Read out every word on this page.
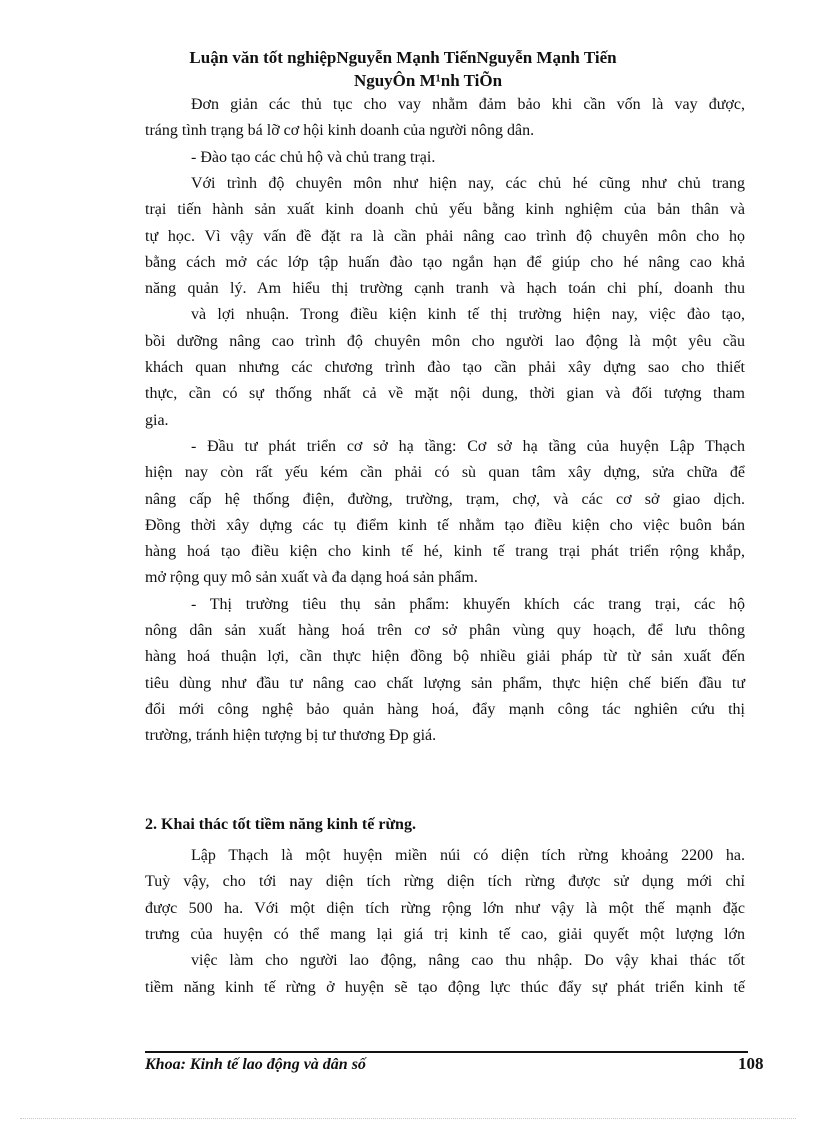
Luận văn tốt nghiệpNguyễn Mạnh TiếnNguyễn Mạnh Tiến
NguyÔn M¹nh TiÕn
Đơn giản các thủ tục cho vay nhằm đảm bảo khi cần vốn là vay được,
tráng tình trạng bá lỡ cơ hội kinh doanh của người nông dân.
- Đào tạo các chủ hộ và chủ trang trại.
Với trình độ chuyên môn như hiện nay, các chủ hé cũng như chủ trang
trại tiến hành sản xuất kinh doanh chủ yếu bằng kinh nghiệm của bản thân và
tự học. Vì vậy vấn đề đặt ra là cần phải nâng cao trình độ chuyên môn cho họ
bằng cách mở các lớp tập huấn đào tạo ngắn hạn để giúp cho hé nâng cao khả
năng quản lý. Am hiểu thị trường cạnh tranh và hạch toán chi phí, doanh thu
và lợi nhuận. Trong điều kiện kinh tế thị trường hiện nay, việc đào tạo,
bồi dưỡng nâng cao trình độ chuyên môn cho người lao động là một yêu cầu
khách quan nhưng các chương trình đào tạo cần phải xây dựng sao cho thiết
thực, cần có sự thống nhất cả về mặt nội dung, thời gian và đối tượng tham
gia.
- Đầu tư phát triển cơ sở hạ tầng: Cơ sở hạ tầng của huyện Lập Thạch
hiện nay còn rất yếu kém cần phải có sù quan tâm xây dựng, sửa chữa để
nâng cấp hệ thống điện, đường, trường, trạm, chợ, và các cơ sở giao dịch.
Đồng thời xây dựng các tụ điểm kinh tế nhằm tạo điều kiện cho việc buôn bán
hàng hoá tạo điều kiện cho kinh tế hé, kinh tế trang trại phát triển rộng khắp,
mở rộng quy mô sản xuất và đa dạng hoá sản phẩm.
- Thị trường tiêu thụ sản phẩm: khuyến khích các trang trại, các hộ
nông dân sản xuất hàng hoá trên cơ sở phân vùng quy hoạch, để lưu thông
hàng hoá thuận lợi, cần thực hiện đồng bộ nhiều giải pháp từ từ sản xuất đến
tiêu dùng như đầu tư nâng cao chất lượng sản phẩm, thực hiện chế biến đầu tư
đổi mới công nghệ bảo quản hàng hoá, đẩy mạnh công tác nghiên cứu thị
trường, tránh hiện tượng bị tư thương Ðp giá.
2. Khai thác tốt tiềm năng kinh tế rừng.
Lập Thạch là một huyện miền núi có diện tích rừng khoảng 2200 ha.
Tuỳ vậy, cho tới nay diện tích rừng diện tích rừng được sử dụng mới chỉ
được 500 ha. Với một diện tích rừng rộng lớn như vậy là một thế mạnh đặc
trưng của huyện có thể mang lại giá trị kinh tế cao, giải quyết một lượng lớn
việc làm cho người lao động, nâng cao thu nhập. Do vậy khai thác tốt
tiềm năng kinh tế rừng ở huyện sẽ tạo động lực thúc đẩy sự phát triển kinh tế
Khoa: Kinh tế lao động và dân số	108
